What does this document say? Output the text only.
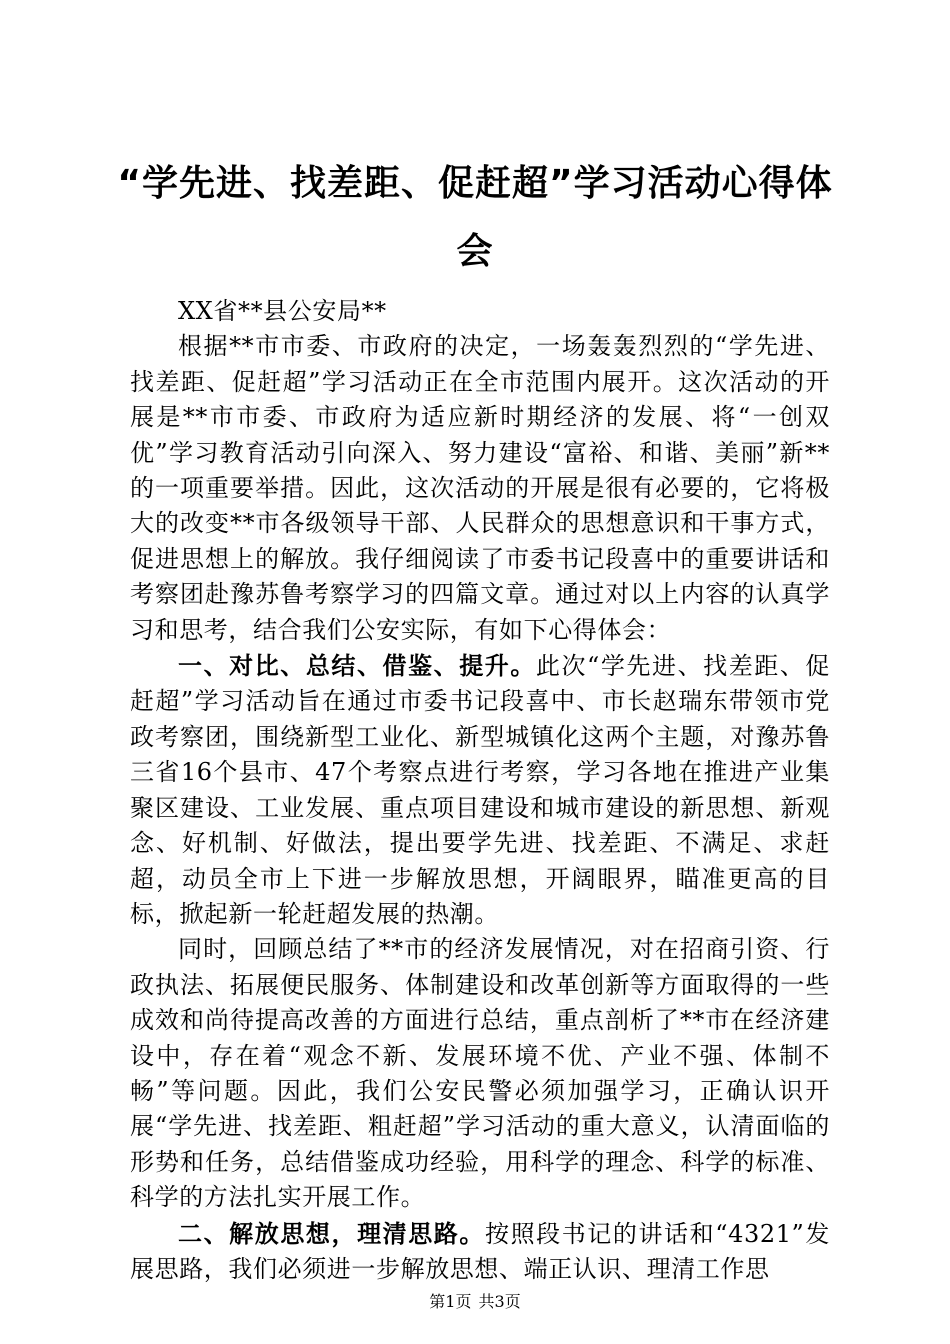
“学先进、找差距、促赶超”学习活动心得体会

XX省**县公安局**

根据**市市委、市政府的决定，一场轰轰烈烈的“学先进、找差距、促赶超”学习活动正在全市范围内展开。这次活动的开展是**市市委、市政府为适应新时期经济的发展、将“一创双优”学习教育活动引向深入、努力建设“富裕、和谐、美丽”新**的一项重要举措。因此，这次活动的开展是很有必要的，它将极大的改变**市各级领导干部、人民群众的思想意识和干事方式，促进思想上的解放。我仔细阅读了市委书记段喜中的重要讲话和考察团赴豫苏鲁考察学习的四篇文章。通过对以上内容的认真学习和思考，结合我们公安实际，有如下心得体会：

一、对比、总结、借鉴、提升。此次“学先进、找差距、促赶超”学习活动旨在通过市委书记段喜中、市长赵瑞东带领市党政考察团，围绕新型工业化、新型城镇化这两个主题，对豫苏鲁三省16个县市、47个考察点进行考察，学习各地在推进产业集聚区建设、工业发展、重点项目建设和城市建设的新思想、新观念、好机制、好做法，提出要学先进、找差距、不满足、求赶超，动员全市上下进一步解放思想，开阔眼界，瞄准更高的目标，掀起新一轮赶超发展的热潮。

同时，回顾总结了**市的经济发展情况，对在招商引资、行政执法、拓展便民服务、体制建设和改革创新等方面取得的一些成效和尚待提高改善的方面进行总结，重点剖析了**市在经济建设中，存在着“观念不新、发展环境不优、产业不强、体制不畅”等问题。因此，我们公安民警必须加强学习，正确认识开展“学先进、找差距、粗赶超”学习活动的重大意义，认清面临的形势和任务，总结借鉴成功经验，用科学的理念、科学的标准、科学的方法扎实开展工作。

二、解放思想，理清思路。按照段书记的讲话和“4321”发展思路，我们必须进一步解放思想、端正认识、理清工作思

第1页 共3页
